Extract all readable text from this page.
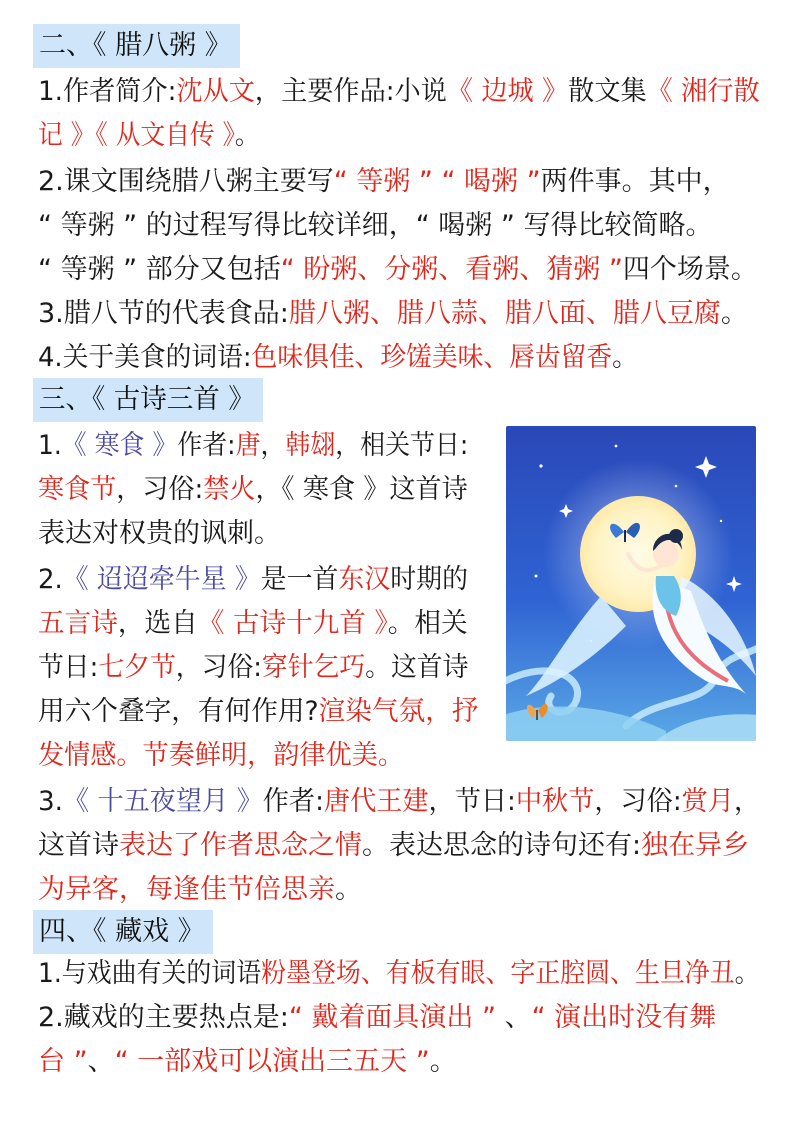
二、《 腊八粥 》
三、《 古诗三首 》
四、《 藏戏 》
1.作者简介:沈从文，主要作品:小说《 边城 》散文集《 湘行散
记 》《 从文自传 》。
2.课文围绕腊八粥主要写“ 等粥 ” “ 喝粥 ”两件事。其中，
“ 等粥 ” 的过程写得比较详细，“ 喝粥 ” 写得比较简略。
“ 等粥 ” 部分又包括“ 盼粥、分粥、看粥、猜粥 ”四个场景。
3.腊八节的代表食品:腊八粥、腊八蒜、腊八面、腊八豆腐。
4.关于美食的词语:色味俱佳、珍馐美味、唇齿留香。
1.《 寒食 》作者:唐，韩翃，相关节日:
寒食节，习俗:禁火，《 寒食 》这首诗
表达对权贵的讽刺。
2.《 迢迢牵牛星 》是一首东汉时期的
五言诗，选自《 古诗十九首 》。相关
节日:七夕节，习俗:穿针乞巧。这首诗
用六个叠字，有何作用?渲染气氛，抒
发情感。节奏鲜明，韵律优美。
3.《 十五夜望月 》作者:唐代王建，节日:中秋节，习俗:赏月，
这首诗表达了作者思念之情。表达思念的诗句还有:独在异乡
为异客，每逢佳节倍思亲。
1.与戏曲有关的词语粉墨登场、有板有眼、字正腔圆、生旦净丑。
2.藏戏的主要热点是:“ 戴着面具演出 ” 、“ 演出时没有舞
台 ”、“ 一部戏可以演出三五天 ”。
